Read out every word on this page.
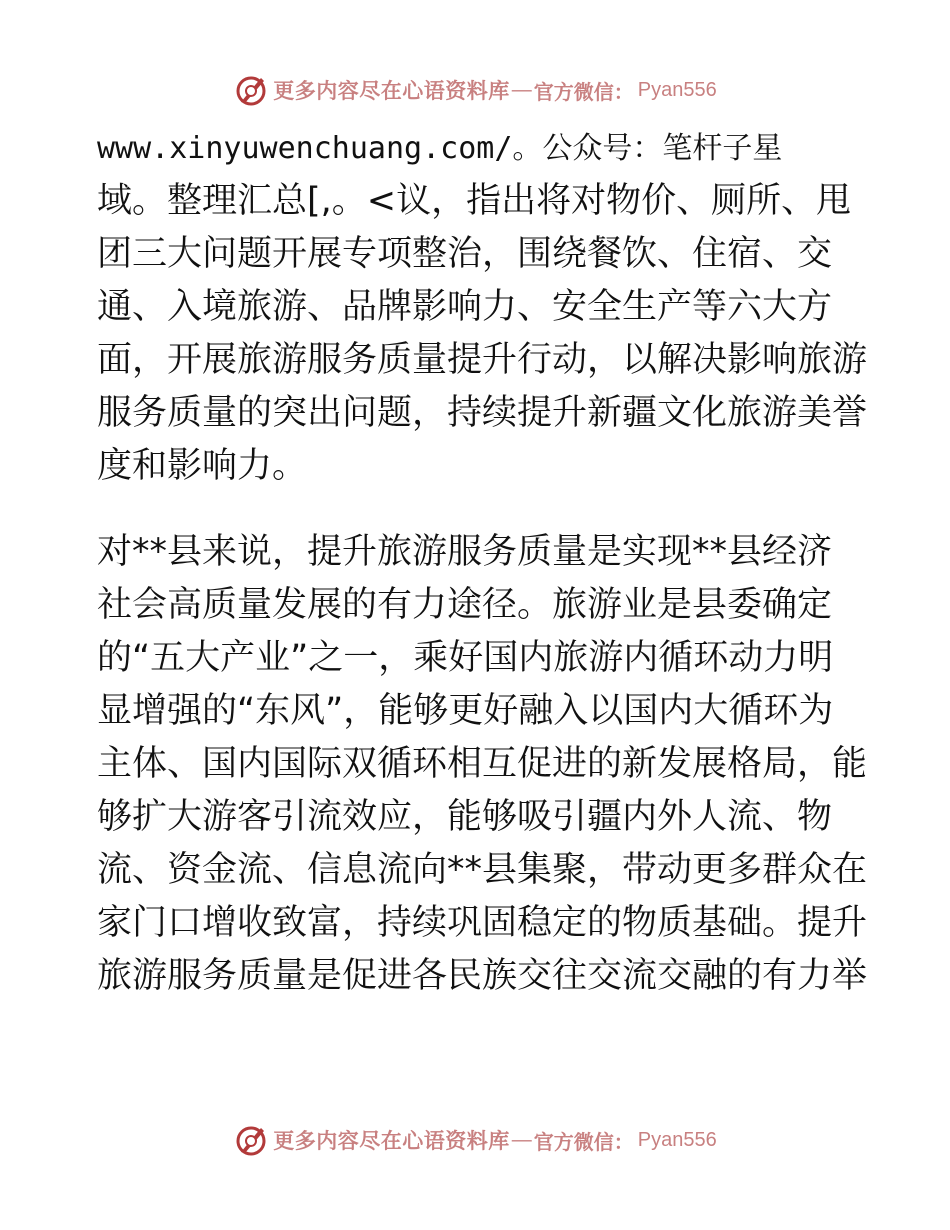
更多内容尽在心语资料库 — 官方微信： Pyan556
www.xinyuwenchuang.com/。公众号：笔杆子星
域。整理汇总[,。<议，指出将对物价、厕所、甩
团三大问题开展专项整治，围绕餐饮、住宿、交
通、入境旅游、品牌影响力、安全生产等六大方
面，开展旅游服务质量提升行动，以解决影响旅游
服务质量的突出问题，持续提升新疆文化旅游美誉
度和影响力。
对**县来说，提升旅游服务质量是实现**县经济
社会高质量发展的有力途径。旅游业是县委确定
的“五大产业”之一，乘好国内旅游内循环动力明
显增强的“东风”，能够更好融入以国内大循环为
主体、国内国际双循环相互促进的新发展格局，能
够扩大游客引流效应，能够吸引疆内外人流、物
流、资金流、信息流向**县集聚，带动更多群众在
家门口增收致富，持续巩固稳定的物质基础。提升
旅游服务质量是促进各民族交往交流交融的有力举
更多内容尽在心语资料库 — 官方微信： Pyan556
